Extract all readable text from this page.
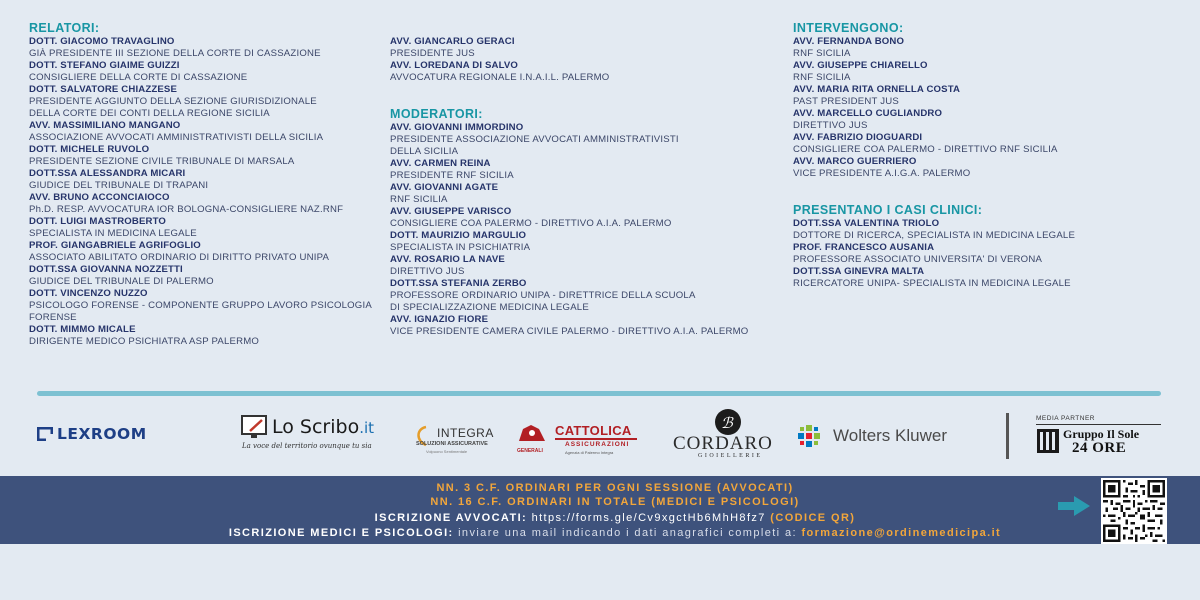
RELATORI:
DOTT. GIACOMO TRAVAGLINO
GIÀ PRESIDENTE III SEZIONE DELLA CORTE DI CASSAZIONE
DOTT. STEFANO GIAIME GUIZZI
CONSIGLIERE DELLA CORTE DI CASSAZIONE
DOTT. SALVATORE CHIAZZESE
PRESIDENTE AGGIUNTO DELLA SEZIONE GIURISDIZIONALE
DELLA CORTE DEI CONTI DELLA REGIONE SICILIA
AVV. MASSIMILIANO MANGANO
ASSOCIAZIONE AVVOCATI AMMINISTRATIVISTI DELLA SICILIA
DOTT. MICHELE RUVOLO
PRESIDENTE SEZIONE CIVILE TRIBUNALE DI MARSALA
DOTT.SSA ALESSANDRA MICARI
GIUDICE DEL TRIBUNALE DI TRAPANI
AVV. BRUNO ACCONCIAIOCO
Ph.D. RESP. AVVOCATURA IOR BOLOGNA-CONSIGLIERE NAZ.RNF
DOTT. LUIGI MASTROBERTO
SPECIALISTA IN MEDICINA LEGALE
PROF. GIANGABRIELE AGRIFOGLIO
ASSOCIATO ABILITATO ORDINARIO DI DIRITTO PRIVATO UNIPA
DOTT.SSA GIOVANNA NOZZETTI
GIUDICE DEL TRIBUNALE DI PALERMO
DOTT. VINCENZO NUZZO
PSICOLOGO FORENSE - COMPONENTE GRUPPO LAVORO PSICOLOGIA
FORENSE
DOTT. MIMMO MICALE
DIRIGENTE MEDICO PSICHIATRA ASP PALERMO
AVV. GIANCARLO GERACI
PRESIDENTE JUS
AVV. LOREDANA DI SALVO
AVVOCATURA REGIONALE I.N.A.I.L. PALERMO
MODERATORI:
AVV. GIOVANNI IMMORDINO
PRESIDENTE ASSOCIAZIONE AVVOCATI AMMINISTRATIVISTI
DELLA SICILIA
AVV. CARMEN REINA
PRESIDENTE RNF SICILIA
AVV. GIOVANNI AGATE
RNF SICILIA
AVV. GIUSEPPE VARISCO
CONSIGLIERE COA PALERMO - DIRETTIVO A.I.A. PALERMO
DOTT. MAURIZIO MARGULIO
SPECIALISTA IN PSICHIATRIA
AVV. ROSARIO LA NAVE
DIRETTIVO JUS
DOTT.SSA STEFANIA ZERBO
PROFESSORE ORDINARIO UNIPA - DIRETTRICE DELLA SCUOLA
DI SPECIALIZZAZIONE MEDICINA LEGALE
AVV. IGNAZIO FIORE
VICE PRESIDENTE CAMERA CIVILE PALERMO - DIRETTIVO A.I.A. PALERMO
INTERVENGONO:
AVV. FERNANDA BONO
RNF SICILIA
AVV. GIUSEPPE CHIARELLO
RNF SICILIA
AVV. MARIA RITA ORNELLA COSTA
PAST PRESIDENT JUS
AVV. MARCELLO CUGLIANDRO
DIRETTIVO JUS
AVV. FABRIZIO DIOGUARDI
CONSIGLIERE COA PALERMO - DIRETTIVO RNF SICILIA
AVV. MARCO GUERRIERO
VICE PRESIDENTE A.I.G.A. PALERMO
PRESENTANO I CASI CLINICI:
DOTT.SSA VALENTINA TRIOLO
DOTTORE DI RICERCA, SPECIALISTA IN MEDICINA LEGALE
PROF. FRANCESCO AUSANIA
PROFESSORE ASSOCIATO UNIVERSITA' DI VERONA
DOTT.SSA GINEVRA MALTA
RICERCATORE UNIPA- SPECIALISTA IN MEDICINA LEGALE
LEXROOM	Lo Scribo.it
La voce del territorio ovunque tu sia
INTEGRA
SOLUZIONI ASSICURATIVE
Volpuono Sentimentale	GENERALI
CATTOLICA
ASSICURAZIONI
Agenzia di Palermo Integra
ℬ
CORDARO
GIOIELLERIE
Wolters Kluwer
MEDIA PARTNER
Gruppo Il Sole
24 ORE
NN. 3 C.F. ORDINARI PER OGNI SESSIONE (AVVOCATI)
NN. 16 C.F. ORDINARI IN TOTALE (MEDICI E PSICOLOGI)
ISCRIZIONE AVVOCATI: https://forms.gle/Cv9xgctHb6MhH8fz7 (CODICE QR)
ISCRIZIONE MEDICI E PSICOLOGI: inviare una mail indicando i dati anagrafici completi a: formazione@ordinemedicipa.it
